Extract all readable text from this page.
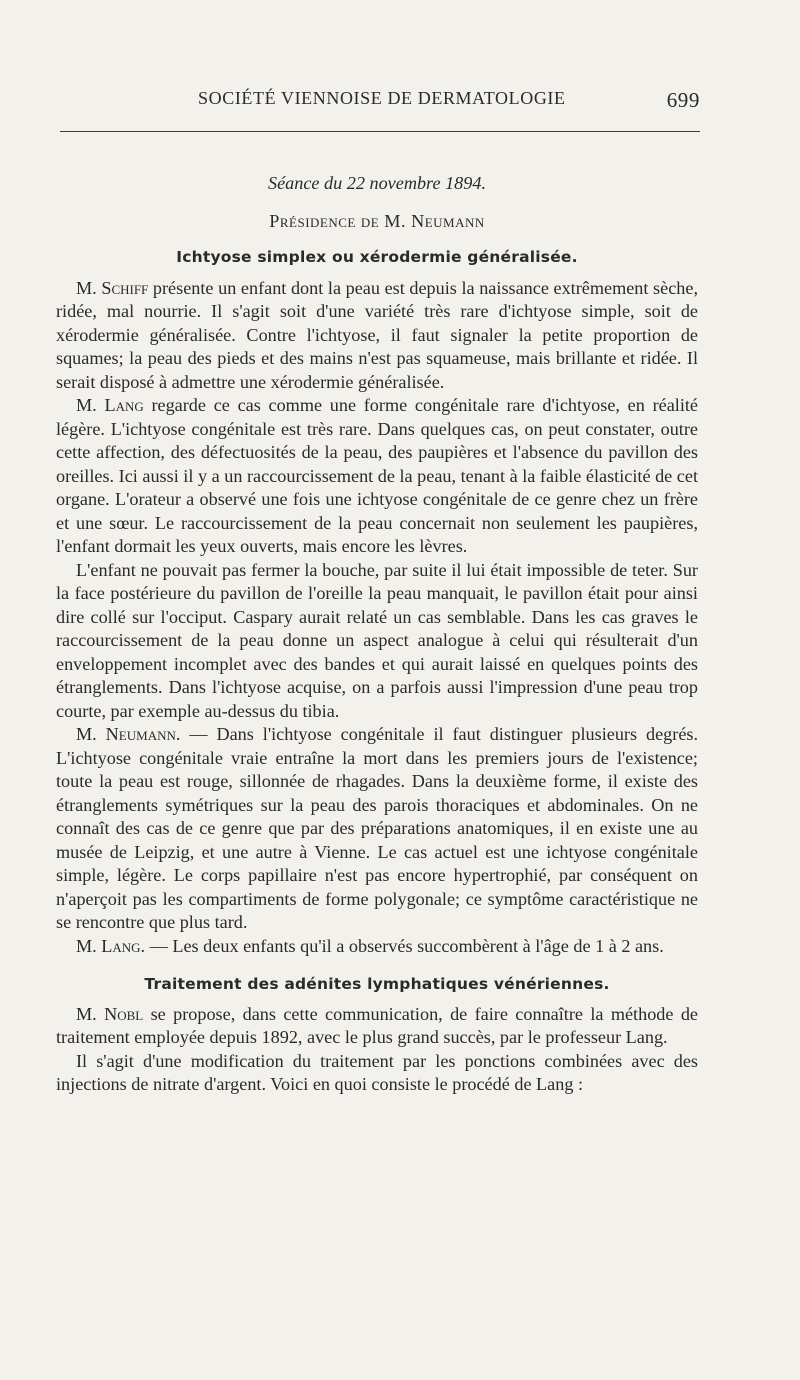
SOCIÉTÉ VIENNOISE DE DERMATOLOGIE	699
Séance du 22 novembre 1894.
Présidence de M. Neumann
Ichtyose simplex ou xérodermie généralisée.

M. Schiff présente un enfant dont la peau est depuis la naissance extrêmement sèche, ridée, mal nourrie. Il s'agit soit d'une variété très rare d'ichtyose simple, soit de xérodermie généralisée. Contre l'ichtyose, il faut signaler la petite proportion de squames; la peau des pieds et des mains n'est pas squameuse, mais brillante et ridée. Il serait disposé à admettre une xérodermie généralisée.

M. Lang regarde ce cas comme une forme congénitale rare d'ichtyose, en réalité légère. L'ichtyose congénitale est très rare. Dans quelques cas, on peut constater, outre cette affection, des défectuosités de la peau, des paupières et l'absence du pavillon des oreilles. Ici aussi il y a un raccourcissement de la peau, tenant à la faible élasticité de cet organe. L'orateur a observé une fois une ichtyose congénitale de ce genre chez un frère et une sœur. Le raccourcissement de la peau concernait non seulement les paupières, l'enfant dormait les yeux ouverts, mais encore les lèvres.

L'enfant ne pouvait pas fermer la bouche, par suite il lui était impossible de teter. Sur la face postérieure du pavillon de l'oreille la peau manquait, le pavillon était pour ainsi dire collé sur l'occiput. Caspary aurait relaté un cas semblable. Dans les cas graves le raccourcissement de la peau donne un aspect analogue à celui qui résulterait d'un enveloppement incomplet avec des bandes et qui aurait laissé en quelques points des étranglements. Dans l'ichtyose acquise, on a parfois aussi l'impression d'une peau trop courte, par exemple au-dessus du tibia.

M. Neumann. — Dans l'ichtyose congénitale il faut distinguer plusieurs degrés. L'ichtyose congénitale vraie entraîne la mort dans les premiers jours de l'existence; toute la peau est rouge, sillonnée de rhagades. Dans la deuxième forme, il existe des étranglements symétriques sur la peau des parois thoraciques et abdominales. On ne connaît des cas de ce genre que par des préparations anatomiques, il en existe une au musée de Leipzig, et une autre à Vienne. Le cas actuel est une ichtyose congénitale simple, légère. Le corps papillaire n'est pas encore hypertrophié, par conséquent on n'aperçoit pas les compartiments de forme polygonale; ce symptôme caractéristique ne se rencontre que plus tard.

M. Lang. — Les deux enfants qu'il a observés succombèrent à l'âge de 1 à 2 ans.

Traitement des adénites lymphatiques vénériennes.

M. Nobl se propose, dans cette communication, de faire connaître la méthode de traitement employée depuis 1892, avec le plus grand succès, par le professeur Lang.

Il s'agit d'une modification du traitement par les ponctions combinées avec des injections de nitrate d'argent. Voici en quoi consiste le procédé de Lang :
